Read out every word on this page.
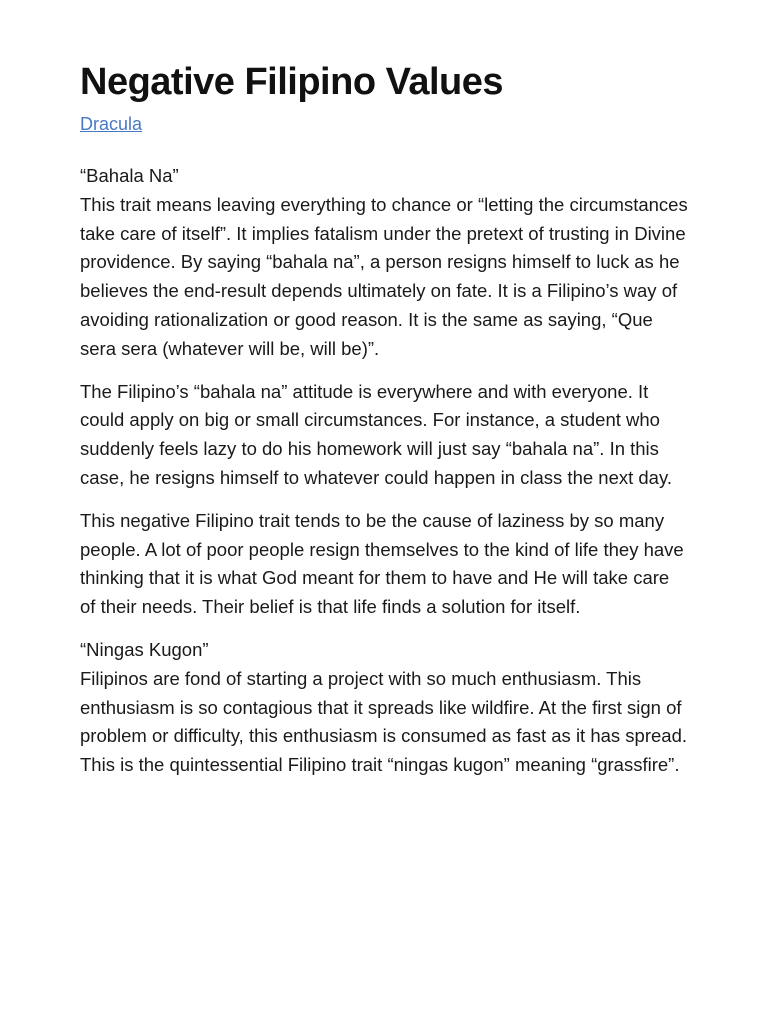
Negative Filipino Values
Dracula

“Bahala Na”
This trait means leaving everything to chance or “letting the circumstances take care of itself”. It implies fatalism under the pretext of trusting in Divine providence. By saying “bahala na”, a person resigns himself to luck as he believes the end-result depends ultimately on fate. It is a Filipino’s way of avoiding rationalization or good reason. It is the same as saying, “Que sera sera (whatever will be, will be)”.

The Filipino’s “bahala na” attitude is everywhere and with everyone. It could apply on big or small circumstances. For instance, a student who suddenly feels lazy to do his homework will just say “bahala na”. In this case, he resigns himself to whatever could happen in class the next day.

This negative Filipino trait tends to be the cause of laziness by so many people. A lot of poor people resign themselves to the kind of life they have thinking that it is what God meant for them to have and He will take care of their needs. Their belief is that life finds a solution for itself.

“Ningas Kugon”
Filipinos are fond of starting a project with so much enthusiasm. This enthusiasm is so contagious that it spreads like wildfire. At the first sign of problem or difficulty, this enthusiasm is consumed as fast as it has spread. This is the quintessential Filipino trait “ningas kugon” meaning “grassfire”.
